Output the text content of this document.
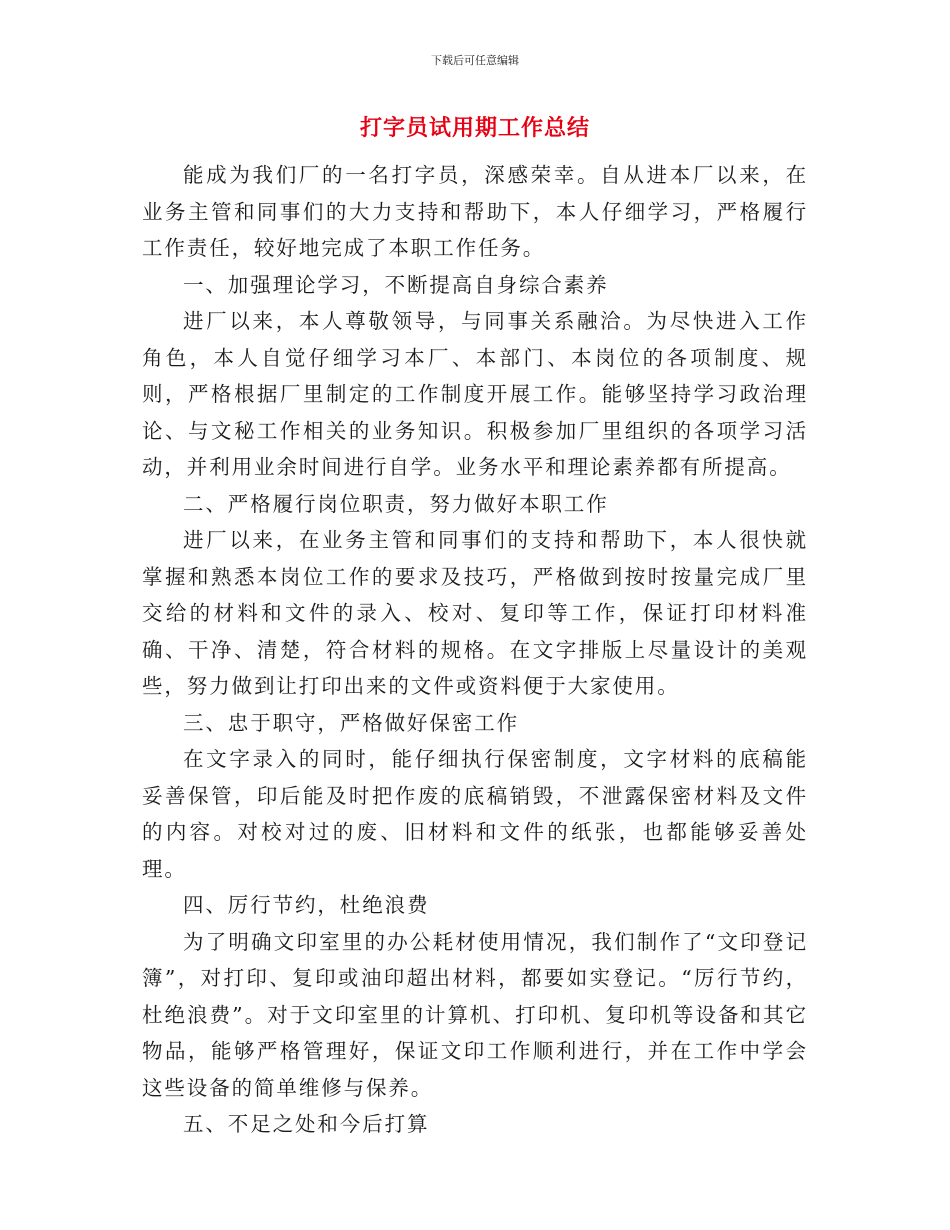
下载后可任意编辑
打字员试用期工作总结

能成为我们厂的一名打字员，深感荣幸。自从进本厂以来，在业务主管和同事们的大力支持和帮助下，本人仔细学习，严格履行工作责任，较好地完成了本职工作任务。

一、加强理论学习，不断提高自身综合素养

进厂以来，本人尊敬领导，与同事关系融洽。为尽快进入工作角色，本人自觉仔细学习本厂、本部门、本岗位的各项制度、规则，严格根据厂里制定的工作制度开展工作。能够坚持学习政治理论、与文秘工作相关的业务知识。积极参加厂里组织的各项学习活动，并利用业余时间进行自学。业务水平和理论素养都有所提高。

二、严格履行岗位职责，努力做好本职工作

进厂以来，在业务主管和同事们的支持和帮助下，本人很快就掌握和熟悉本岗位工作的要求及技巧，严格做到按时按量完成厂里交给的材料和文件的录入、校对、复印等工作，保证打印材料准确、干净、清楚，符合材料的规格。在文字排版上尽量设计的美观些，努力做到让打印出来的文件或资料便于大家使用。

三、忠于职守，严格做好保密工作

在文字录入的同时，能仔细执行保密制度，文字材料的底稿能妥善保管，印后能及时把作废的底稿销毁，不泄露保密材料及文件的内容。对校对过的废、旧材料和文件的纸张，也都能够妥善处理。

四、厉行节约，杜绝浪费

为了明确文印室里的办公耗材使用情况，我们制作了“文印登记簿”，对打印、复印或油印超出材料，都要如实登记。“厉行节约，杜绝浪费”。对于文印室里的计算机、打印机、复印机等设备和其它物品，能够严格管理好，保证文印工作顺利进行，并在工作中学会这些设备的简单维修与保养。

五、不足之处和今后打算
